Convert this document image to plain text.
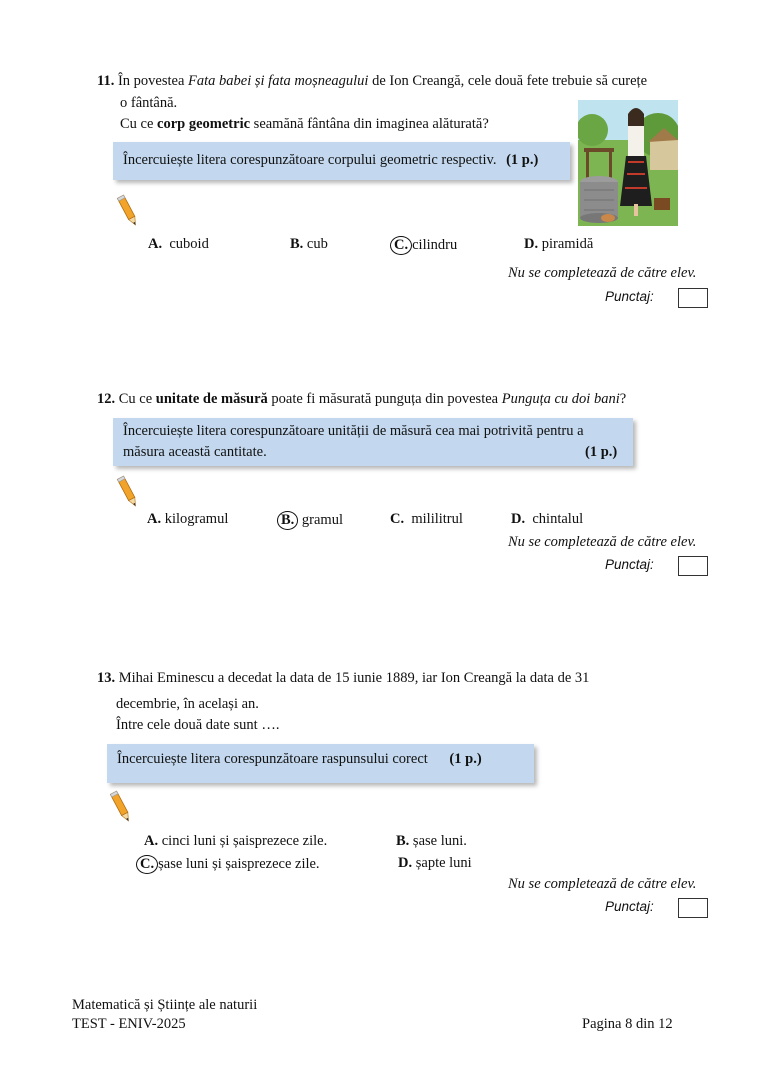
11. În povestea Fata babei și fata moșneagului de Ion Creangă, cele două fete trebuie să curețe
o fântână.
Cu ce corp geometric seamănă fântâna din imaginea alăturată?
Încercuiește litera corespunzătoare corpului geometric respectiv. (1 p.)
A. cuboid	B. cub	C. cilindru	D. piramidă
Nu se completează de către elev.
Punctaj:
12. Cu ce unitate de măsură poate fi măsurată punguța din povestea Punguța cu doi bani?
Încercuiește litera corespunzătoare unității de măsură cea mai potrivită pentru a
măsura această cantitate.	(1 p.)
A. kilogramul	B. gramul	C. mililitrul	D. chintalul
Nu se completează de către elev.
Punctaj:
13. Mihai Eminescu a decedat la data de 15 iunie 1889, iar Ion Creangă la data de 31
decembrie, în același an.
Între cele două date sunt ….
Încercuiește litera corespunzătoare raspunsului corect (1 p.)
A. cinci luni și șaisprezece zile.	B. șase luni.
C. șase luni și șaisprezece zile.	D. șapte luni
Nu se completează de către elev.
Punctaj:
Matematică și Științe ale naturii
TEST - ENIV-2025	Pagina 8 din 12
